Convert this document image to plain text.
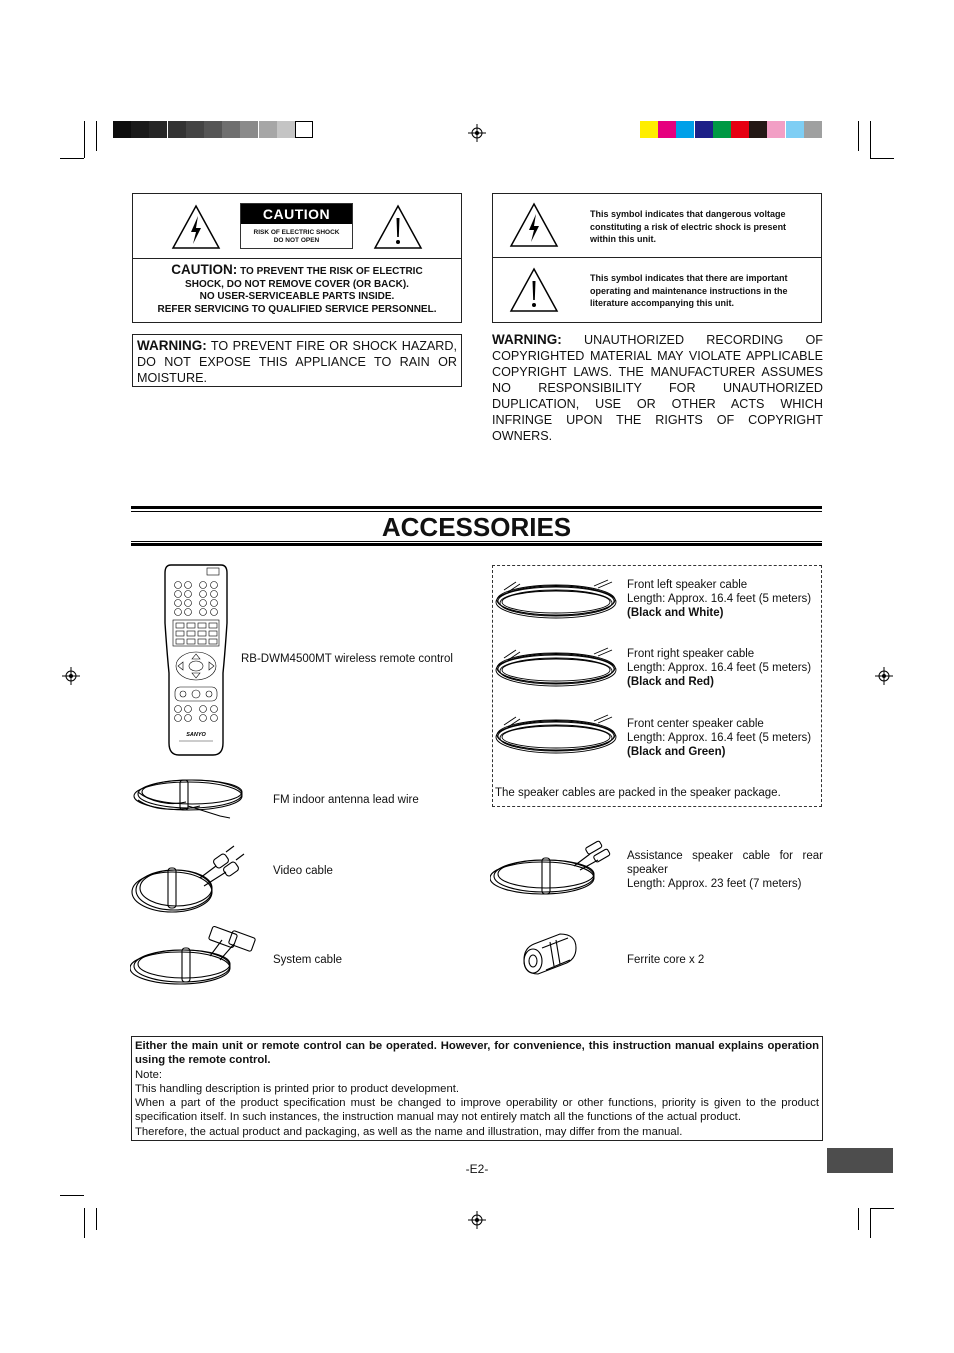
CAUTION
RISK OF ELECTRIC SHOCK
DO NOT OPEN
CAUTION: TO PREVENT THE RISK OF ELECTRIC
SHOCK, DO NOT REMOVE COVER (OR BACK).
NO USER-SERVICEABLE PARTS INSIDE.
REFER SERVICING TO QUALIFIED SERVICE PERSONNEL.
WARNING: TO PREVENT FIRE OR SHOCK HAZARD, DO NOT EXPOSE THIS APPLIANCE TO RAIN OR MOISTURE.
This symbol indicates that dangerous voltage constituting a risk of electric shock is present within this unit.
This symbol indicates that there are important operating and maintenance instructions in the literature accompanying this unit.
WARNING: UNAUTHORIZED RECORDING OF COPYRIGHTED MATERIAL MAY VIOLATE APPLICABLE COPYRIGHT LAWS. THE MANUFACTURER ASSUMES NO RESPONSIBILITY FOR UNAUTHORIZED DUPLICATION, USE OR OTHER ACTS WHICH INFRINGE UPON THE RIGHTS OF COPYRIGHT OWNERS.
ACCESSORIES
SANYO
RB-DWM4500MT wireless remote control
FM indoor antenna lead wire
Video cable
System cable
Front left speaker cable
Length: Approx. 16.4 feet (5 meters)
(Black and White)
Front right speaker cable
Length: Approx. 16.4 feet (5 meters)
(Black and Red)
Front center speaker cable
Length: Approx. 16.4 feet (5 meters)
(Black and Green)
The speaker cables are packed in the speaker package.
Assistance speaker cable for rear speaker
Length: Approx. 23 feet (7 meters)
Ferrite core x 2
Either the main unit or remote control can be operated. However, for convenience, this instruction manual explains operation using the remote control.
Note:
This handling description is printed prior to product development.
When a part of the product specification must be changed to improve operability or other functions, priority is given to the product specification itself. In such instances, the instruction manual may not entirely match all the functions of the actual product.
Therefore, the actual product and packaging, as well as the name and illustration, may differ from the manual.
-E2-
